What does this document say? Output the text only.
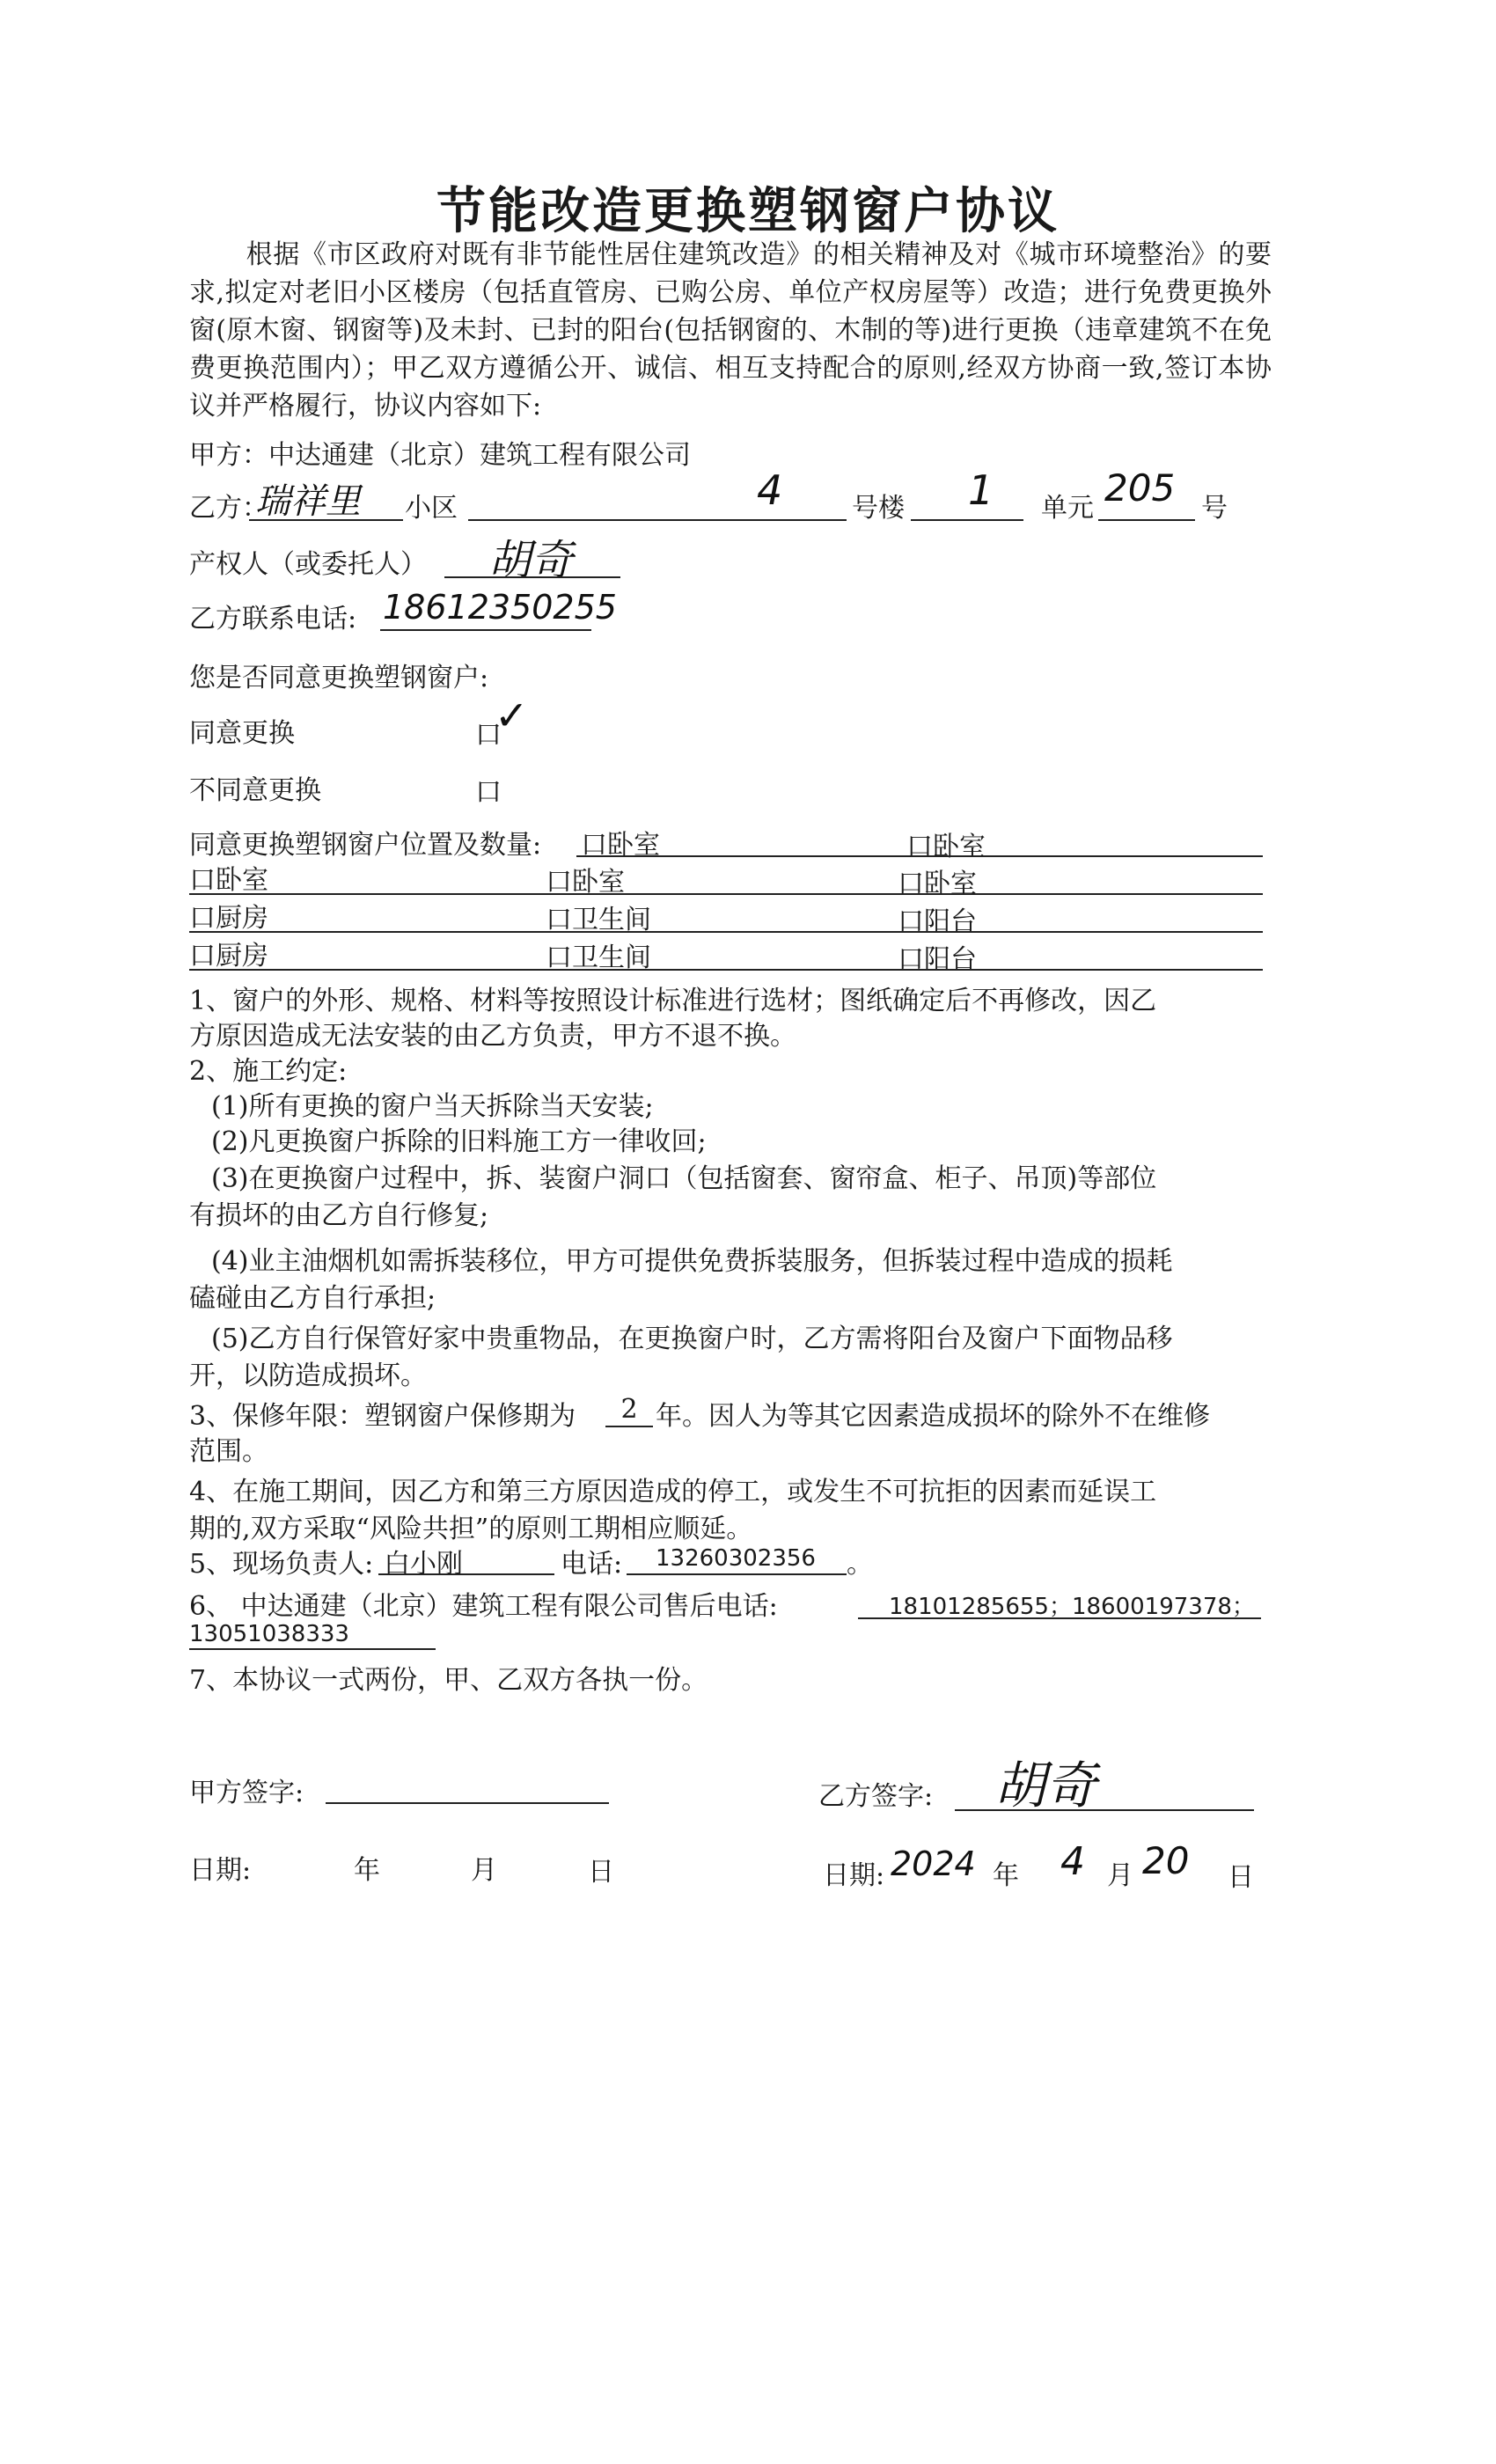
节能改造更换塑钢窗户协议
根据《市区政府对既有非节能性居住建筑改造》的相关精神及对《城市环境整治》的要求,拟定对老旧小区楼房（包括直管房、已购公房、单位产权房屋等）改造；进行免费更换外窗(原木窗、钢窗等)及未封、已封的阳台(包括钢窗的、木制的等)进行更换（违章建筑不在免费更换范围内）；甲乙双方遵循公开、诚信、相互支持配合的原则,经双方协商一致,签订本协议并严格履行，协议内容如下:
甲方：中达通建（北京）建筑工程有限公司
乙方：
瑞祥里 小区	4	号楼 1 单元 205 号
产权人（或委托人） 胡奇
乙方联系电话: 18612350255
您是否同意更换塑钢窗户:
同意更换	口
✓
不同意更换	口
同意更换塑钢窗户位置及数量: 口卧室	口卧室
口卧室	口卧室	口卧室
口厨房	口卫生间	口阳台
口厨房	口卫生间	口阳台
1、窗户的外形、规格、材料等按照设计标准进行选材；图纸确定后不再修改，因乙
方原因造成无法安装的由乙方负责，甲方不退不换。
2、施工约定:
(1)所有更换的窗户当天拆除当天安装;
(2)凡更换窗户拆除的旧料施工方一律收回;
(3)在更换窗户过程中，拆、装窗户洞口（包括窗套、窗帘盒、柜子、吊顶)等部位
有损坏的由乙方自行修复;
(4)业主油烟机如需拆装移位，甲方可提供免费拆装服务，但拆装过程中造成的损耗
磕碰由乙方自行承担;
(5)乙方自行保管好家中贵重物品，在更换窗户时，乙方需将阳台及窗户下面物品移
开，以防造成损坏。
3、保修年限：塑钢窗户保修期为	2 年。因人为等其它因素造成损坏的除外不在维修
范围。
4、在施工期间，因乙方和第三方原因造成的停工，或发生不可抗拒的因素而延误工
期的,双方采取“风险共担”的原则工期相应顺延。
5、现场负责人: 白小刚	电话: 13260302356 。
6、 中达通建（北京）建筑工程有限公司售后电话:	18101285655；18600197378；
13051038333
7、本协议一式两份，甲、乙双方各执一份。
甲方签字:	乙方签字: 胡奇
日期:	年	月	日	日期: 2024 年 4 月 20 日
